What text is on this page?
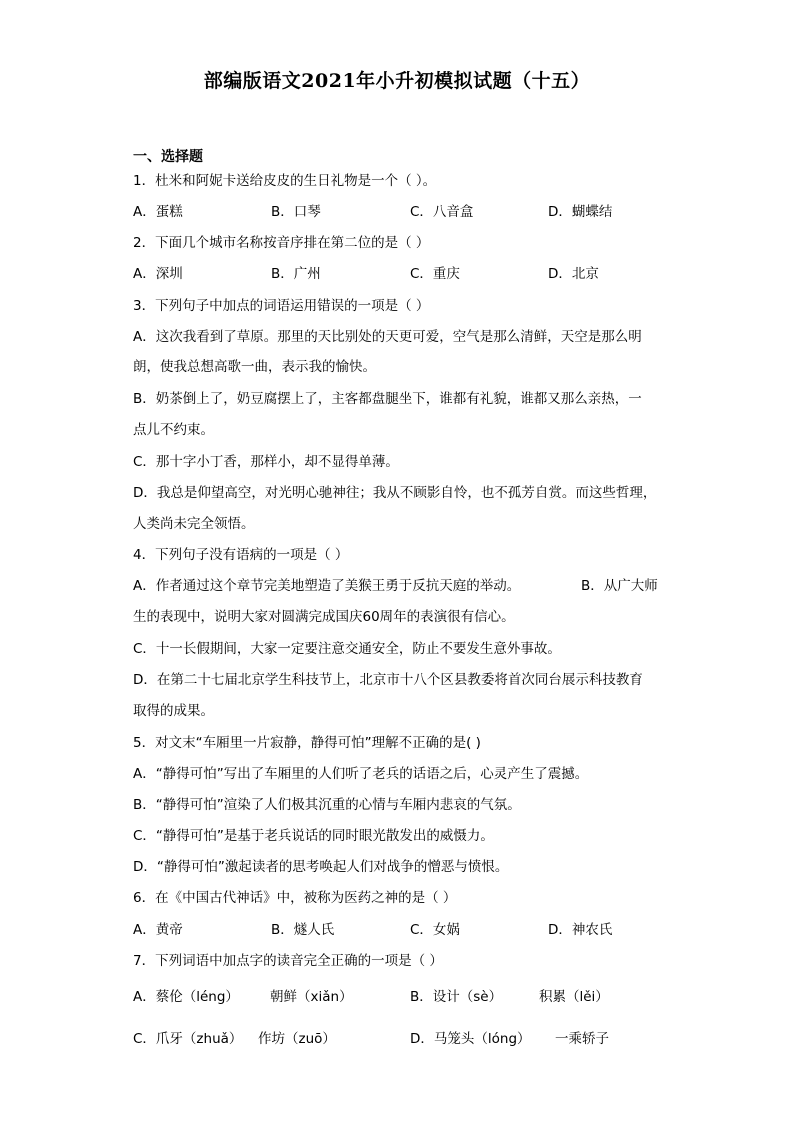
部编版语文2021年小升初模拟试题（十五）
一、选择题
1．杜米和阿妮卡送给皮皮的生日礼物是一个（ ）。
A．蛋糕	B．口琴	C．八音盒	D．蝴蝶结
2．下面几个城市名称按音序排在第二位的是（ ）
A．深圳	B．广州	C．重庆	D．北京
3．下列句子中加点的词语运用错误的一项是（ ）
A．这次我看到了草原。那里的天比别处的天更可爱，空气是那么清鲜，天空是那么明
朗，使我总想高歌一曲，表示我的愉快。
B．奶茶倒上了，奶豆腐摆上了，主客都盘腿坐下，谁都有礼貌，谁都又那么亲热，一
点儿不约束。
C．那十字小丁香，那样小，却不显得单薄。
D．我总是仰望高空，对光明心驰神往；我从不顾影自怜，也不孤芳自赏。而这些哲理，
人类尚未完全领悟。
4．下列句子没有语病的一项是（ ）
A．作者通过这个章节完美地塑造了美猴王勇于反抗天庭的举动。	B．从广大师
生的表现中，说明大家对圆满完成国庆60周年的表演很有信心。
C．十一长假期间，大家一定要注意交通安全，防止不要发生意外事故。
D．在第二十七届北京学生科技节上，北京市十八个区县教委将首次同台展示科技教育
取得的成果。
5．对文末“车厢里一片寂静，静得可怕”理解不正确的是( )
A．“静得可怕”写出了车厢里的人们听了老兵的话语之后，心灵产生了震撼。
B．“静得可怕”渲染了人们极其沉重的心情与车厢内悲哀的气氛。
C．“静得可怕”是基于老兵说话的同时眼光散发出的威慑力。
D．“静得可怕”激起读者的思考唤起人们对战争的憎恶与愤恨。
6．在《中国古代神话》中，被称为医药之神的是（ ）
A．黄帝	B．燧人氏	C．女娲	D．神农氏
7．下列词语中加点字的读音完全正确的一项是（ ）
A．蔡伦（léng） 朝鲜（xiǎn）	B．设计（sè）	积累（lěi）
C．爪牙（zhuǎ） 作坊（zuō）	D．马笼头（lóng） 一乘轿子
